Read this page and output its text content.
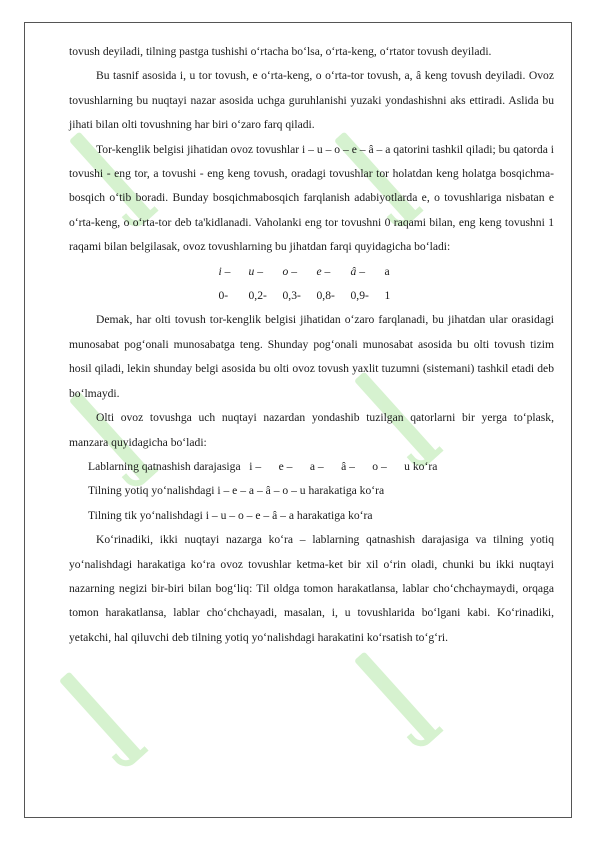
tovush deyiladi, tilning pastga tushishi o‘rtacha bo‘lsa, o‘rta-keng, o‘rtator tovush deyiladi.

Bu tasnif asosida i, u tor tovush, e o‘rta-keng, o o‘rta-tor tovush, a, â keng tovush deyiladi. Ovoz tovushlarning bu nuqtayi nazar asosida uchga guruhlanishi yuzaki yondashishni aks ettiradi. Aslida bu jihati bilan olti tovushning har biri o‘zaro farq qiladi.

Tor-kenglik belgisi jihatidan ovoz tovushlar i – u – o – e – â – a qatorini tashkil qiladi; bu qatorda i tovushi - eng tor, a tovushi - eng keng tovush, oradagi tovushlar tor holatdan keng holatga bosqichma-bosqich o‘tib boradi. Bunday bosqichmabosqich farqlanish adabiyotlarda e, o tovushlariga nisbatan e o‘rta-keng, o o‘rta-tor deb ta'kidlanadi. Vaholanki eng tor tovushni 0 raqami bilan, eng keng tovushni 1 raqami bilan belgilasak, ovoz tovushlarning bu jihatdan farqi quyidagicha bo‘ladi:

i –	u –	o –	e –	â –	a
0-	0,2-	0,3-	0,8-	0,9-	1

Demak, har olti tovush tor-kenglik belgisi jihatidan o‘zaro farqlanadi, bu jihatdan ular orasidagi munosabat pog‘onali munosabatga teng. Shunday pog‘onali munosabat asosida bu olti tovush tizim hosil qiladi, lekin shunday belgi asosida bu olti ovoz tovush yaxlit tuzumni (sistemani) tashkil etadi deb bo‘lmaydi.

Olti ovoz tovushga uch nuqtayi nazardan yondashib tuzilgan qatorlarni bir yerga to‘plask, manzara quyidagicha bo‘ladi:

Lablarning qatnashish darajasiga   i –      e –      a –      â –      o –      u ko‘ra

Tilning yotiq yo‘nalishdagi i – e – a – â – o – u harakatiga ko‘ra

Tilning tik yo‘nalishdagi i – u – o – e – â – a harakatiga ko‘ra

Ko‘rinadiki, ikki nuqtayi nazarga ko‘ra – lablarning qatnashish darajasiga va tilning yotiq yo‘nalishdagi harakatiga ko‘ra ovoz tovushlar ketma-ket bir xil o‘rin oladi, chunki bu ikki nuqtayi nazarning negizi bir-biri bilan bog‘liq: Til oldga tomon harakatlansa, lablar cho‘chchaymaydi, orqaga tomon harakatlansa, lablar cho‘chchayadi, masalan, i, u tovushlarida bo‘lgani kabi. Ko‘rinadiki, yetakchi, hal qiluvchi deb tilning yotiq yo‘nalishdagi harakatini ko‘rsatish to‘g‘ri.
